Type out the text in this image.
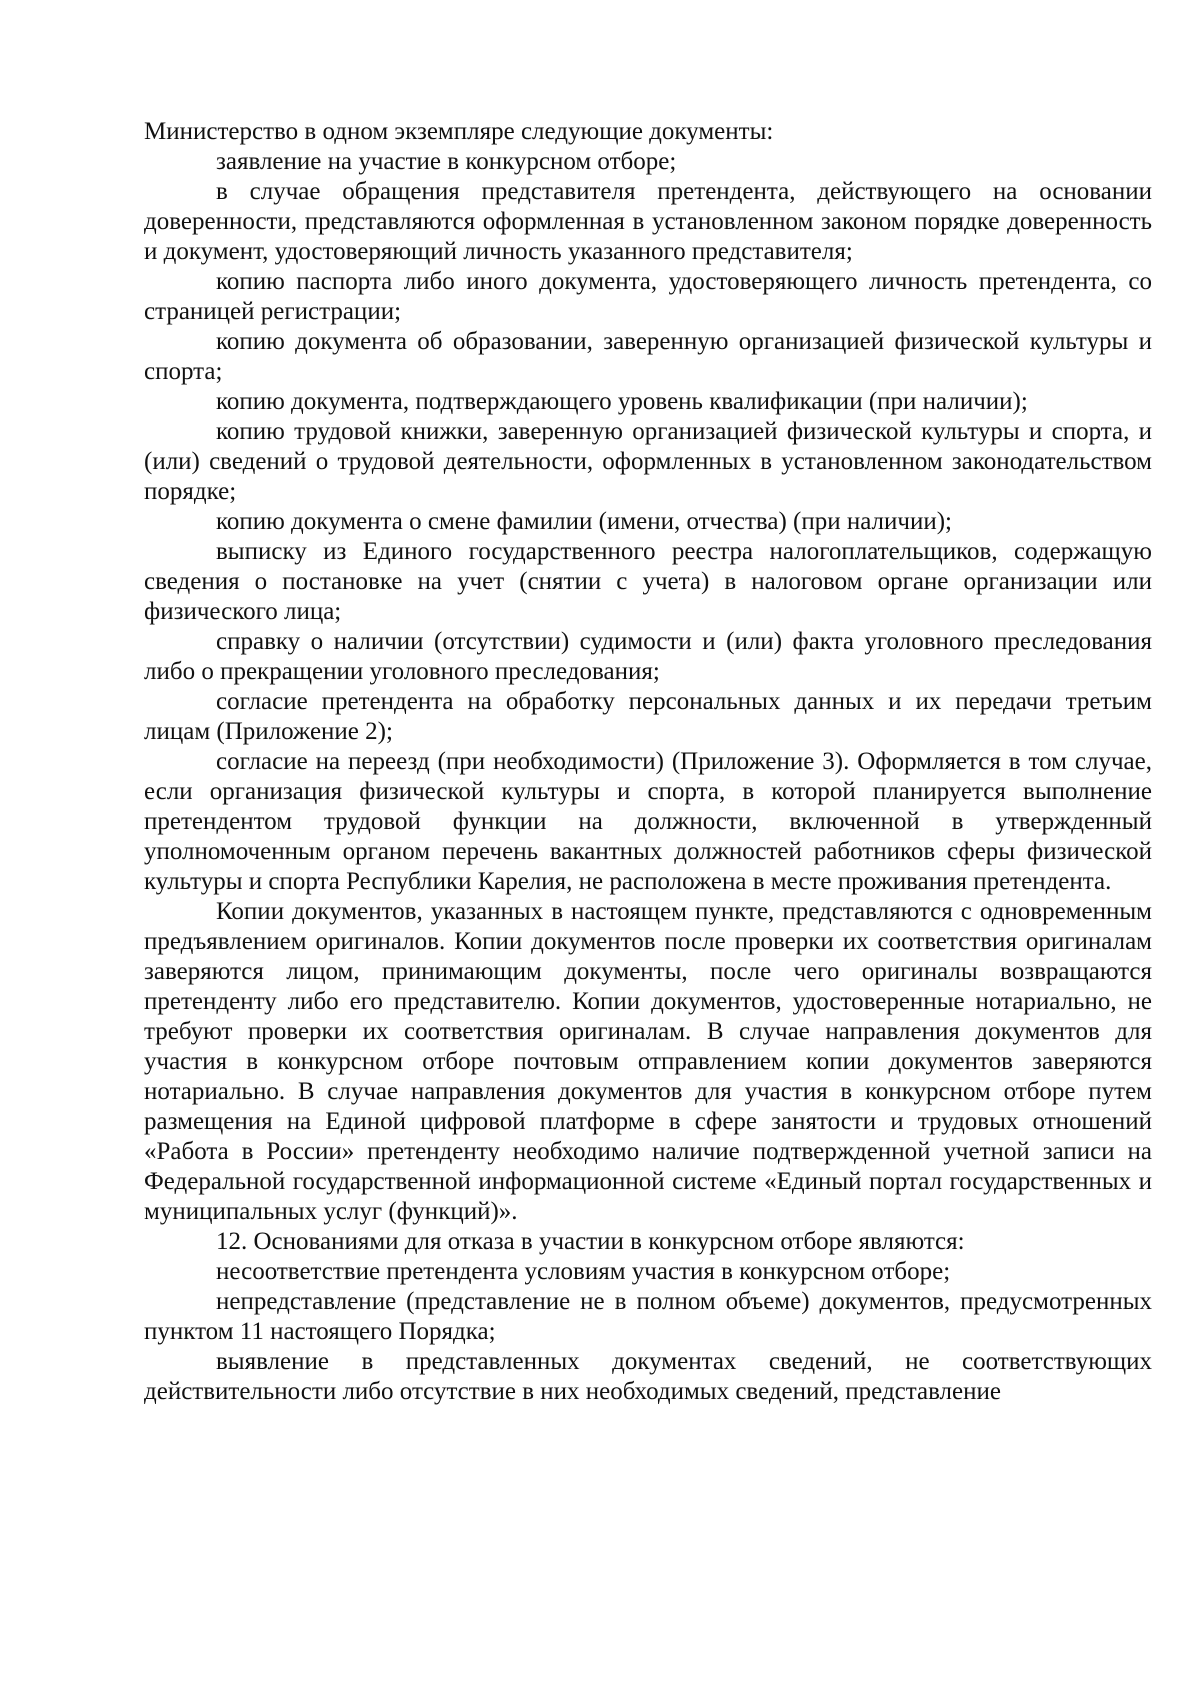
Министерство в одном экземпляре следующие документы:

заявление на участие в конкурсном отборе;

в случае обращения представителя претендента, действующего на основании доверенности, представляются оформленная в установленном законом порядке доверенность и документ, удостоверяющий личность указанного представителя;

копию паспорта либо иного документа, удостоверяющего личность претендента, со страницей регистрации;

копию документа об образовании, заверенную организацией физической культуры и спорта;

копию документа, подтверждающего уровень квалификации (при наличии);

копию трудовой книжки, заверенную организацией физической культуры и спорта, и (или) сведений о трудовой деятельности, оформленных в установленном законодательством порядке;

копию документа о смене фамилии (имени, отчества) (при наличии);

выписку из Единого государственного реестра налогоплательщиков, содержащую сведения о постановке на учет (снятии с учета) в налоговом органе организации или физического лица;

справку о наличии (отсутствии) судимости и (или) факта уголовного преследования либо о прекращении уголовного преследования;

согласие претендента на обработку персональных данных и их передачи третьим лицам (Приложение 2);

согласие на переезд (при необходимости) (Приложение 3). Оформляется в том случае, если организация физической культуры и спорта, в которой планируется выполнение претендентом трудовой функции на должности, включенной в утвержденный уполномоченным органом перечень вакантных должностей работников сферы физической культуры и спорта Республики Карелия, не расположена в месте проживания претендента.

Копии документов, указанных в настоящем пункте, представляются с одновременным предъявлением оригиналов. Копии документов после проверки их соответствия оригиналам заверяются лицом, принимающим документы, после чего оригиналы возвращаются претенденту либо его представителю. Копии документов, удостоверенные нотариально, не требуют проверки их соответствия оригиналам. В случае направления документов для участия в конкурсном отборе почтовым отправлением копии документов заверяются нотариально. В случае направления документов для участия в конкурсном отборе путем размещения на Единой цифровой платформе в сфере занятости и трудовых отношений «Работа в России» претенденту необходимо наличие подтвержденной учетной записи на Федеральной государственной информационной системе «Единый портал государственных и муниципальных услуг (функций)».

12. Основаниями для отказа в участии в конкурсном отборе являются:

несоответствие претендента условиям участия в конкурсном отборе;

непредставление (представление не в полном объеме) документов, предусмотренных пунктом 11 настоящего Порядка;

выявление в представленных документах сведений, не соответствующих действительности либо отсутствие в них необходимых сведений, представление
